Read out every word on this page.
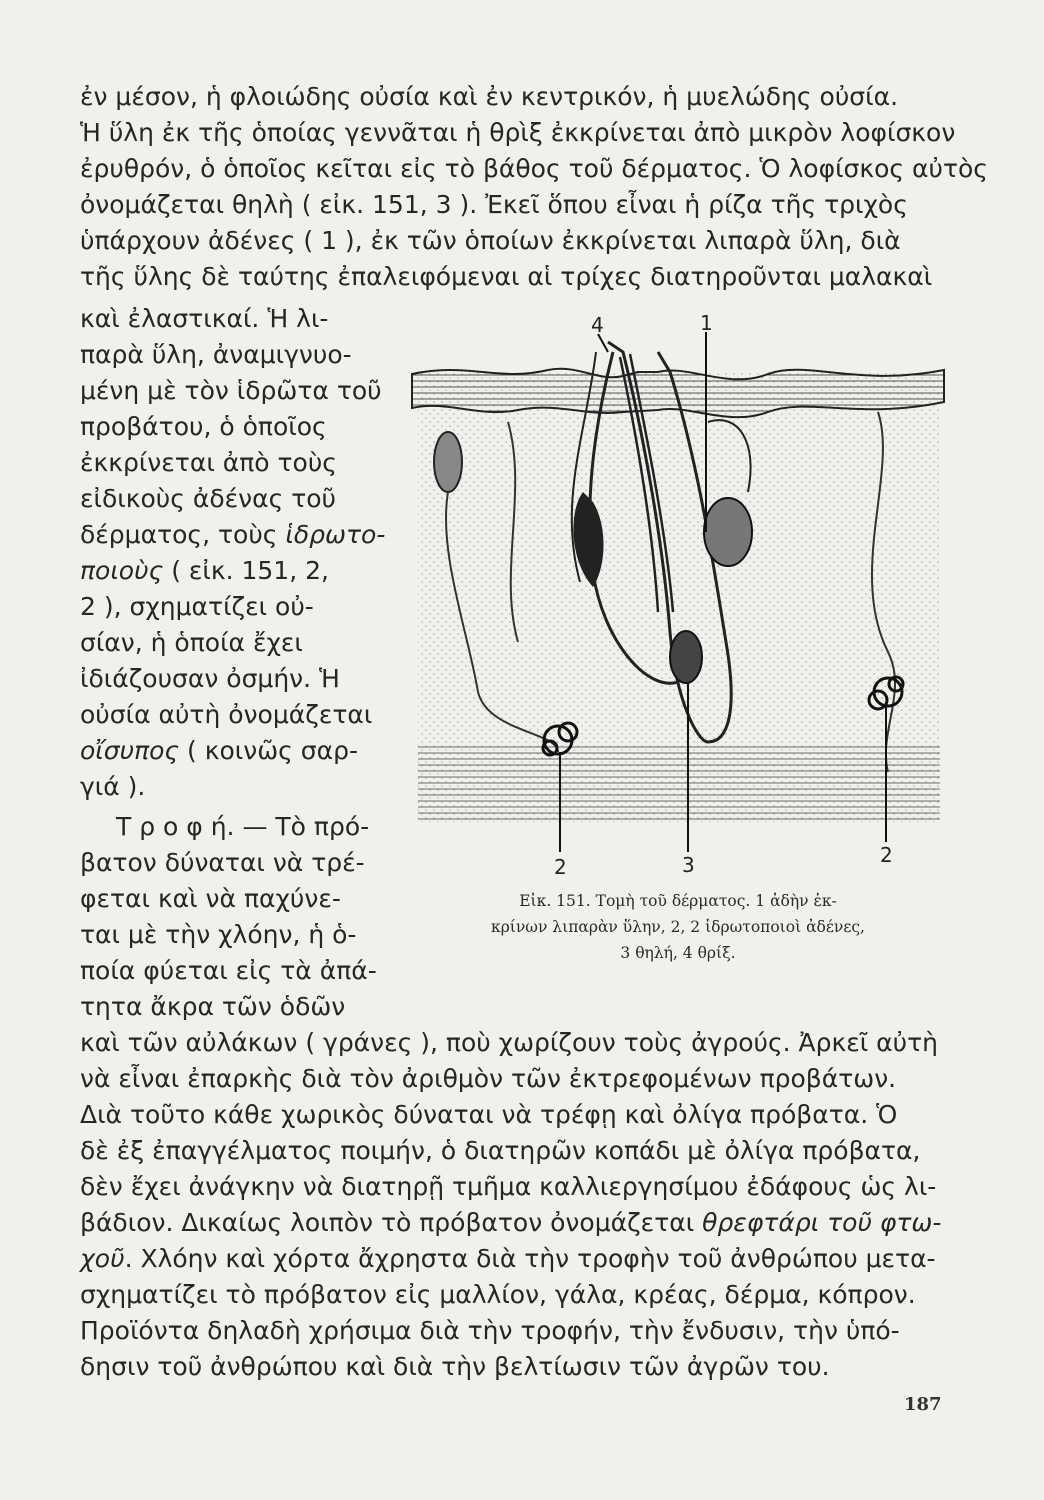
ἐν μέσον, ἡ φλοιώδης οὐσία καὶ ἐν κεντρικόν, ἡ μυελώδης οὐσία.
Ἡ ὕλη ἐκ τῆς ὁποίας γεννᾶται ἡ θρὶξ ἐκκρίνεται ἀπὸ μικρὸν λοφίσκον
ἐρυθρόν, ὁ ὁποῖος κεῖται εἰς τὸ βάθος τοῦ δέρματος. Ὁ λοφίσκος αὐτὸς
ὀνομάζεται θηλὴ ( εἰκ. 151, 3 ). Ἐκεῖ ὅπου εἶναι ἡ ρίζα τῆς τριχὸς
ὑπάρχουν ἀδένες ( 1 ), ἐκ τῶν ὁποίων ἐκκρίνεται λιπαρὰ ὕλη, διὰ
τῆς ὕλης δὲ ταύτης ἐπαλειφόμεναι αἱ τρίχες διατηροῦνται μαλακαὶ
καὶ ἐλαστικαί. Ἡ λι-
παρὰ ὕλη, ἀναμιγνυο-
μένη μὲ τὸν ἱδρῶτα τοῦ
προβάτου, ὁ ὁποῖος
ἐκκρίνεται ἀπὸ τοὺς
εἰδικοὺς ἀδένας τοῦ
δέρματος, τοὺς ἱδρωτο-
ποιοὺς ( εἰκ. 151, 2,
2 ), σχηματίζει οὐ-
σίαν, ἡ ὁποία ἔχει
ἰδιάζουσαν ὀσμήν. Ἡ
οὐσία αὐτὴ ὀνομάζεται
οἴσυπος ( κοινῶς σαρ-
γιά ).
Τ ρ ο φ ή. — Τὸ πρό-
βατον δύναται νὰ τρέ-
φεται καὶ νὰ παχύνε-
ται μὲ τὴν χλόην, ἡ ὁ-
ποία φύεται εἰς τὰ ἀπά-
τητα ἄκρα τῶν ὁδῶν
καὶ τῶν αὐλάκων ( γράνες ), ποὺ χωρίζουν τοὺς ἀγρούς. Ἀρκεῖ αὐτὴ
νὰ εἶναι ἐπαρκὴς διὰ τὸν ἀριθμὸν τῶν ἐκτρεφομένων προβάτων.
Διὰ τοῦτο κάθε χωρικὸς δύναται νὰ τρέφῃ καὶ ὀλίγα πρόβατα. Ὁ
δὲ ἐξ ἐπαγγέλματος ποιμήν, ὁ διατηρῶν κοπάδι μὲ ὀλίγα πρόβατα,
δὲν ἔχει ἀνάγκην νὰ διατηρῇ τμῆμα καλλιεργησίμου ἐδάφους ὡς λι-
βάδιον. Δικαίως λοιπὸν τὸ πρόβατον ὀνομάζεται θρεφτάρι τοῦ φτω-
χοῦ. Χλόην καὶ χόρτα ἄχρηστα διὰ τὴν τροφὴν τοῦ ἀνθρώπου μετα-
σχηματίζει τὸ πρόβατον εἰς μαλλίον, γάλα, κρέας, δέρμα, κόπρον.
Προϊόντα δηλαδὴ χρήσιμα διὰ τὴν τροφήν, τὴν ἔνδυσιν, τὴν ὑπό-
δησιν τοῦ ἀνθρώπου καὶ διὰ τὴν βελτίωσιν τῶν ἀγρῶν του.
4	1
2	3	2
Εἰκ. 151. Τομὴ τοῦ δέρματος. 1 ἀδὴν ἐκ-
κρίνων λιπαρὰν ὕλην, 2, 2 ἱδρωτοποιοὶ ἀδένες,
3 θηλή, 4 θρίξ.
187
